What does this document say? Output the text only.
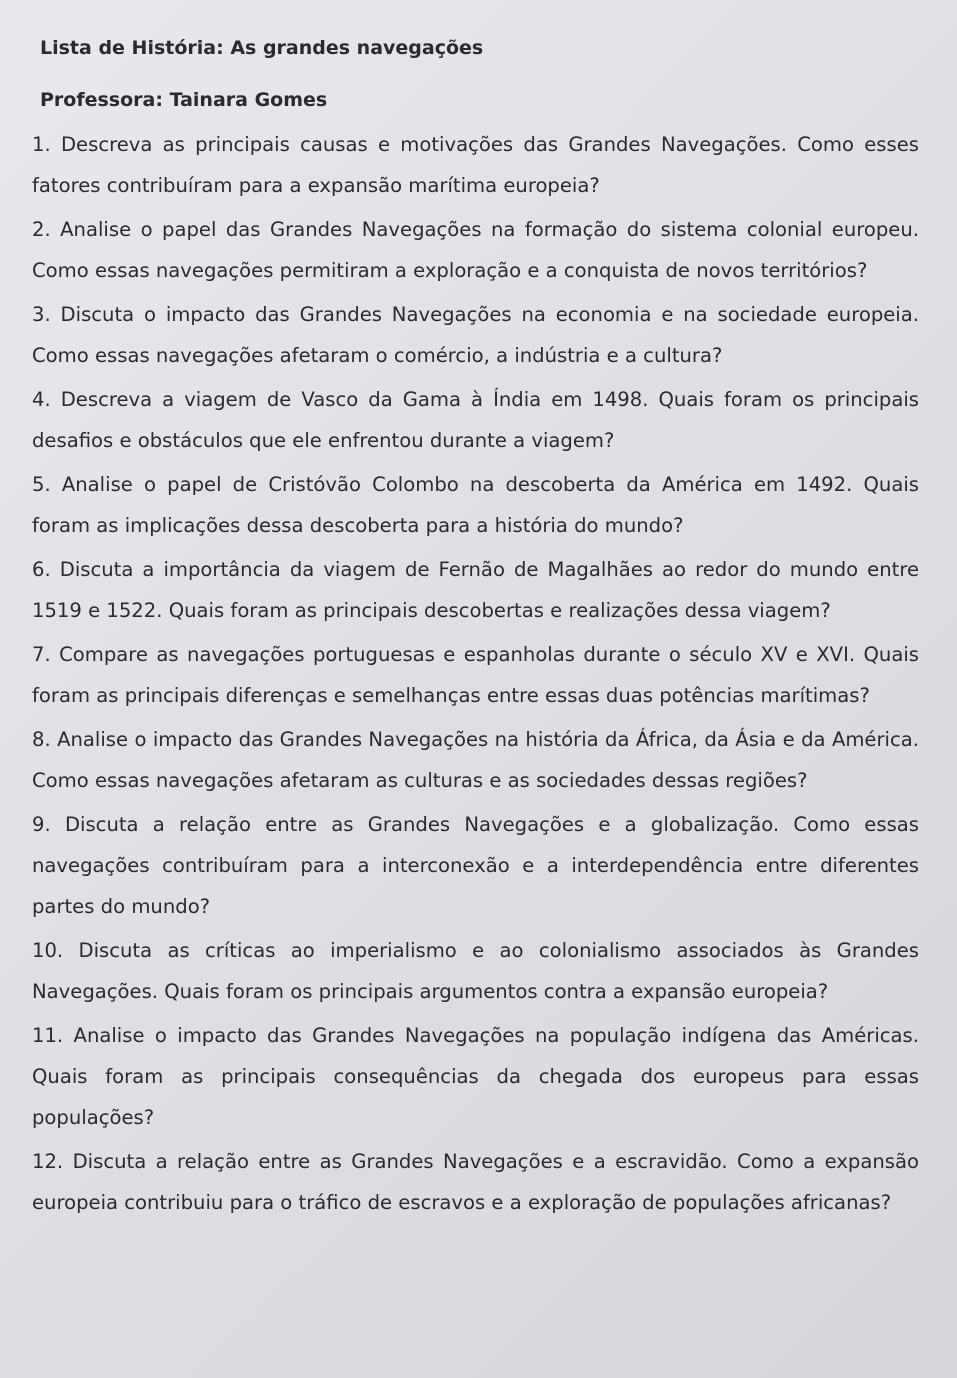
Lista de História: As grandes navegações
Professora: Tainara Gomes

1. Descreva as principais causas e motivações das Grandes Navegações. Como esses fatores contribuíram para a expansão marítima europeia?

2. Analise o papel das Grandes Navegações na formação do sistema colonial europeu. Como essas navegações permitiram a exploração e a conquista de novos territórios?

3. Discuta o impacto das Grandes Navegações na economia e na sociedade europeia. Como essas navegações afetaram o comércio, a indústria e a cultura?

4. Descreva a viagem de Vasco da Gama à Índia em 1498. Quais foram os principais desafios e obstáculos que ele enfrentou durante a viagem?

5. Analise o papel de Cristóvão Colombo na descoberta da América em 1492. Quais foram as implicações dessa descoberta para a história do mundo?

6. Discuta a importância da viagem de Fernão de Magalhães ao redor do mundo entre 1519 e 1522. Quais foram as principais descobertas e realizações dessa viagem?

7. Compare as navegações portuguesas e espanholas durante o século XV e XVI. Quais foram as principais diferenças e semelhanças entre essas duas potências marítimas?

8. Analise o impacto das Grandes Navegações na história da África, da Ásia e da América. Como essas navegações afetaram as culturas e as sociedades dessas regiões?

9. Discuta a relação entre as Grandes Navegações e a globalização. Como essas navegações contribuíram para a interconexão e a interdependência entre diferentes partes do mundo?

10. Discuta as críticas ao imperialismo e ao colonialismo associados às Grandes Navegações. Quais foram os principais argumentos contra a expansão europeia?

11. Analise o impacto das Grandes Navegações na população indígena das Américas. Quais foram as principais consequências da chegada dos europeus para essas populações?

12. Discuta a relação entre as Grandes Navegações e a escravidão. Como a expansão europeia contribuiu para o tráfico de escravos e a exploração de populações africanas?
